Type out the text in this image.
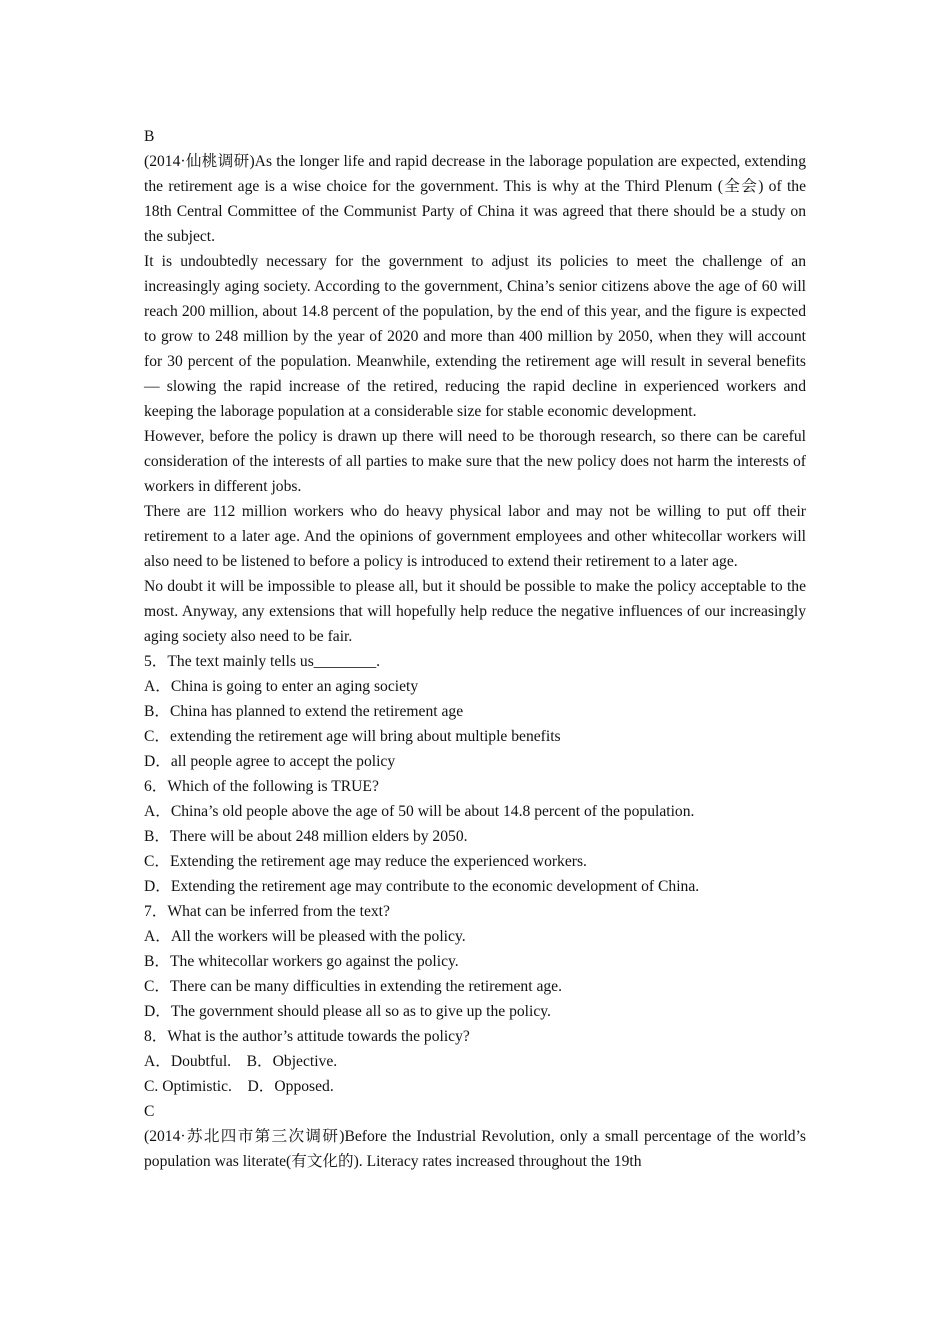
B

(2014·仙桃调研)As the longer life and rapid decrease in the laborage population are expected, extending the retirement age is a wise choice for the government. This is why at the Third Plenum (全会) of the 18th Central Committee of the Communist Party of China it was agreed that there should be a study on the subject.

It is undoubtedly necessary for the government to adjust its policies to meet the challenge of an increasingly aging society. According to the government, China’s senior citizens above the age of 60 will reach 200 million, about 14.8 percent of the population, by the end of this year, and the figure is expected to grow to 248 million by the year of 2020 and more than 400 million by 2050, when they will account for 30 percent of the population. Meanwhile, extending the retirement age will result in several benefits — slowing the rapid increase of the retired, reducing the rapid decline in experienced workers and keeping the laborage population at a considerable size for stable economic development.

However, before the policy is drawn up there will need to be thorough research, so there can be careful consideration of the interests of all parties to make sure that the new policy does not harm the interests of workers in different jobs.

There are 112 million workers who do heavy physical labor and may not be willing to put off their retirement to a later age. And the opinions of government employees and other whitecollar workers will also need to be listened to before a policy is introduced to extend their retirement to a later age.

No doubt it will be impossible to please all, but it should be possible to make the policy acceptable to the most. Anyway, any extensions that will hopefully help reduce the negative influences of our increasingly aging society also need to be fair.

5．The text mainly tells us________.

A．China is going to enter an aging society

B．China has planned to extend the retirement age

C．extending the retirement age will bring about multiple benefits

D．all people agree to accept the policy

6．Which of the following is TRUE?

A．China’s old people above the age of 50 will be about 14.8 percent of the population.

B．There will be about 248 million elders by 2050.

C．Extending the retirement age may reduce the experienced workers.

D．Extending the retirement age may contribute to the economic development of China.

7．What can be inferred from the text?

A．All the workers will be pleased with the policy.

B．The whitecollar workers go against the policy.

C．There can be many difficulties in extending the retirement age.

D．The government should please all so as to give up the policy.

8．What is the author’s attitude towards the policy?

A．Doubtful.　B．Objective.

C. Optimistic.　D．Opposed.

C

(2014·苏北四市第三次调研)Before the Industrial Revolution, only a small percentage of the world’s population was literate(有文化的). Literacy rates increased throughout the 19th
